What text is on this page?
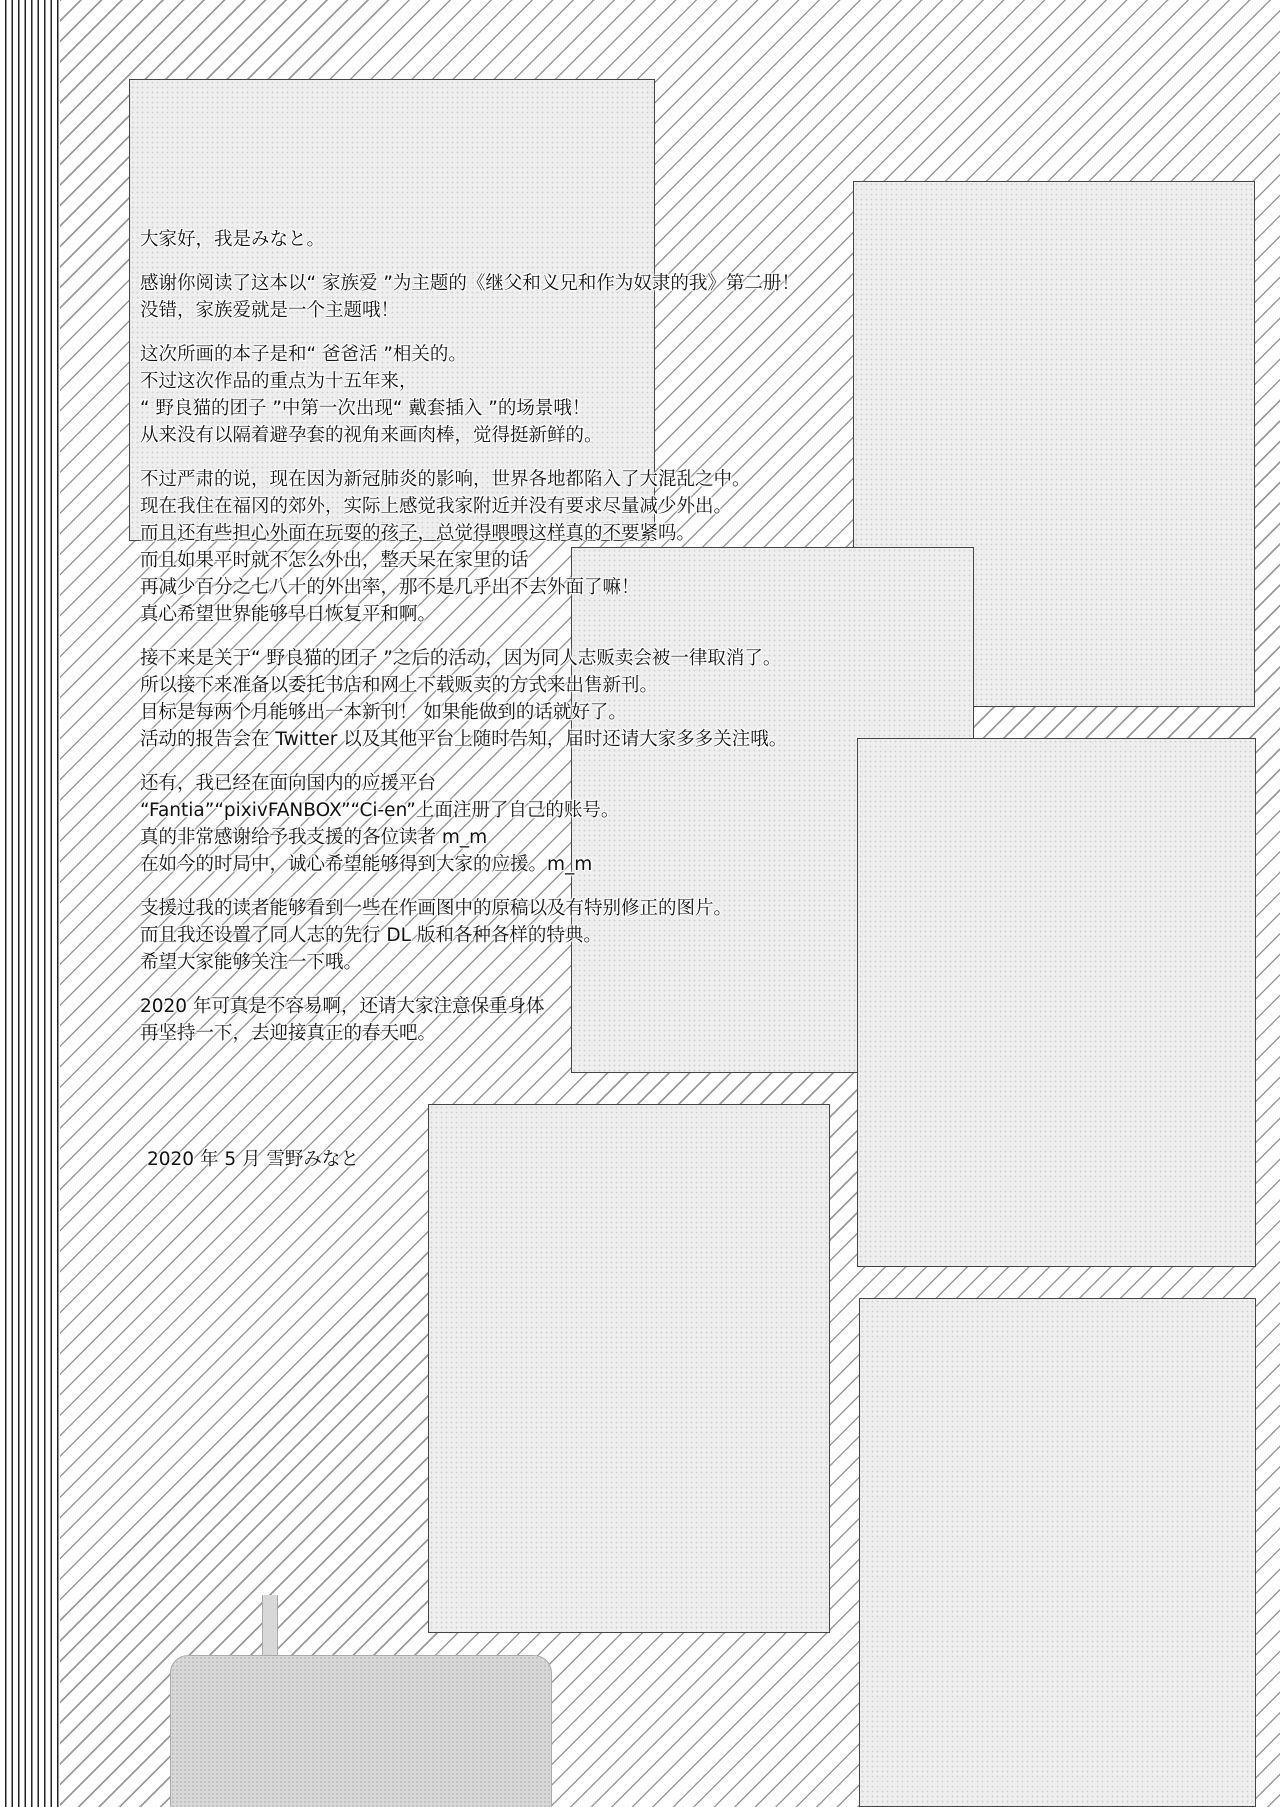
大家好，我是みなと。
感谢你阅读了这本以“ 家族爱 ”为主题的《继父和义兄和作为奴隶的我》第二册！
没错，家族爱就是一个主题哦！
这次所画的本子是和“ 爸爸活 ”相关的。
不过这次作品的重点为十五年来，
“ 野良猫的团子 ”中第一次出现“ 戴套插入 ”的场景哦！
从来没有以隔着避孕套的视角来画肉棒，觉得挺新鲜的。
不过严肃的说，现在因为新冠肺炎的影响，世界各地都陷入了大混乱之中。
现在我住在福冈的郊外，实际上感觉我家附近并没有要求尽量减少外出。
而且还有些担心外面在玩耍的孩子，总觉得喂喂这样真的不要紧吗。
而且如果平时就不怎么外出，整天呆在家里的话
再减少百分之七八十的外出率，那不是几乎出不去外面了嘛！
真心希望世界能够早日恢复平和啊。
接下来是关于“ 野良猫的团子 ”之后的活动，因为同人志贩卖会被一律取消了。
所以接下来准备以委托书店和网上下载贩卖的方式来出售新刊。
目标是每两个月能够出一本新刊！ 如果能做到的话就好了。
活动的报告会在 Twitter 以及其他平台上随时告知，届时还请大家多多关注哦。
还有，我已经在面向国内的应援平台
“Fantia”“pixivFANBOX”“Ci-en”上面注册了自己的账号。
真的非常感谢给予我支援的各位读者 m_m
在如今的时局中，诚心希望能够得到大家的应援。m_m
支援过我的读者能够看到一些在作画图中的原稿以及有特别修正的图片。
而且我还设置了同人志的先行 DL 版和各种各样的特典。
希望大家能够关注一下哦。
2020 年可真是不容易啊，还请大家注意保重身体
再坚持一下，去迎接真正的春天吧。
2020 年 5 月 雪野みなと
